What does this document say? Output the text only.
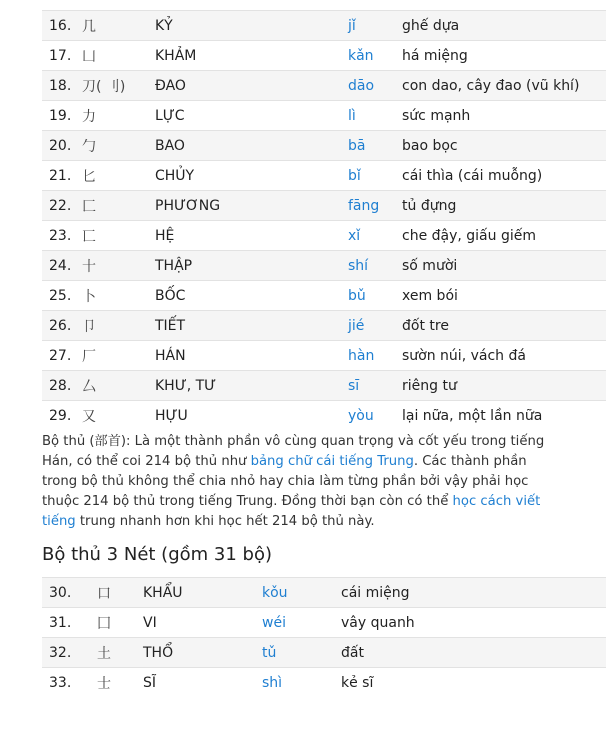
16.	几	KỶ	jǐ	ghế dựa
17.	凵	KHẢM	kǎn	há miệng
18.	刀( 刂)	ĐAO	dāo	con dao, cây đao (vũ khí)
19.	力	LỰC	lì	sức mạnh
20.	勹	BAO	bā	bao bọc
21.	匕	CHỦY	bǐ	cái thìa (cái muỗng)
22.	匚	PHƯƠNG	fāng	tủ đựng
23.	匸	HỆ	xǐ	che đậy, giấu giếm
24.	十	THẬP	shí	số mười
25.	卜	BỐC	bǔ	xem bói
26.	卩	TIẾT	jié	đốt tre
27.	厂	HÁN	hàn	sườn núi, vách đá
28.	厶	KHƯ, TƯ	sī	riêng tư
29.	又	HỰU	yòu	lại nữa, một lần nữa
Bộ thủ (部首): Là một thành phần vô cùng quan trọng và cốt yếu trong tiếng Hán, có thể coi 214 bộ thủ như bảng chữ cái tiếng Trung. Các thành phần trong bộ thủ không thể chia nhỏ hay chia làm từng phần bởi vậy phải học thuộc 214 bộ thủ trong tiếng Trung. Đồng thời bạn còn có thể học cách viết tiếng trung nhanh hơn khi học hết 214 bộ thủ này.
Bộ thủ 3 Nét (gồm 31 bộ)
30.	口	KHẨU	kǒu	cái miệng
31.	囗	VI	wéi	vây quanh
32.	土	THỔ	tǔ	đất
33.	士	SĨ	shì	kẻ sĩ
